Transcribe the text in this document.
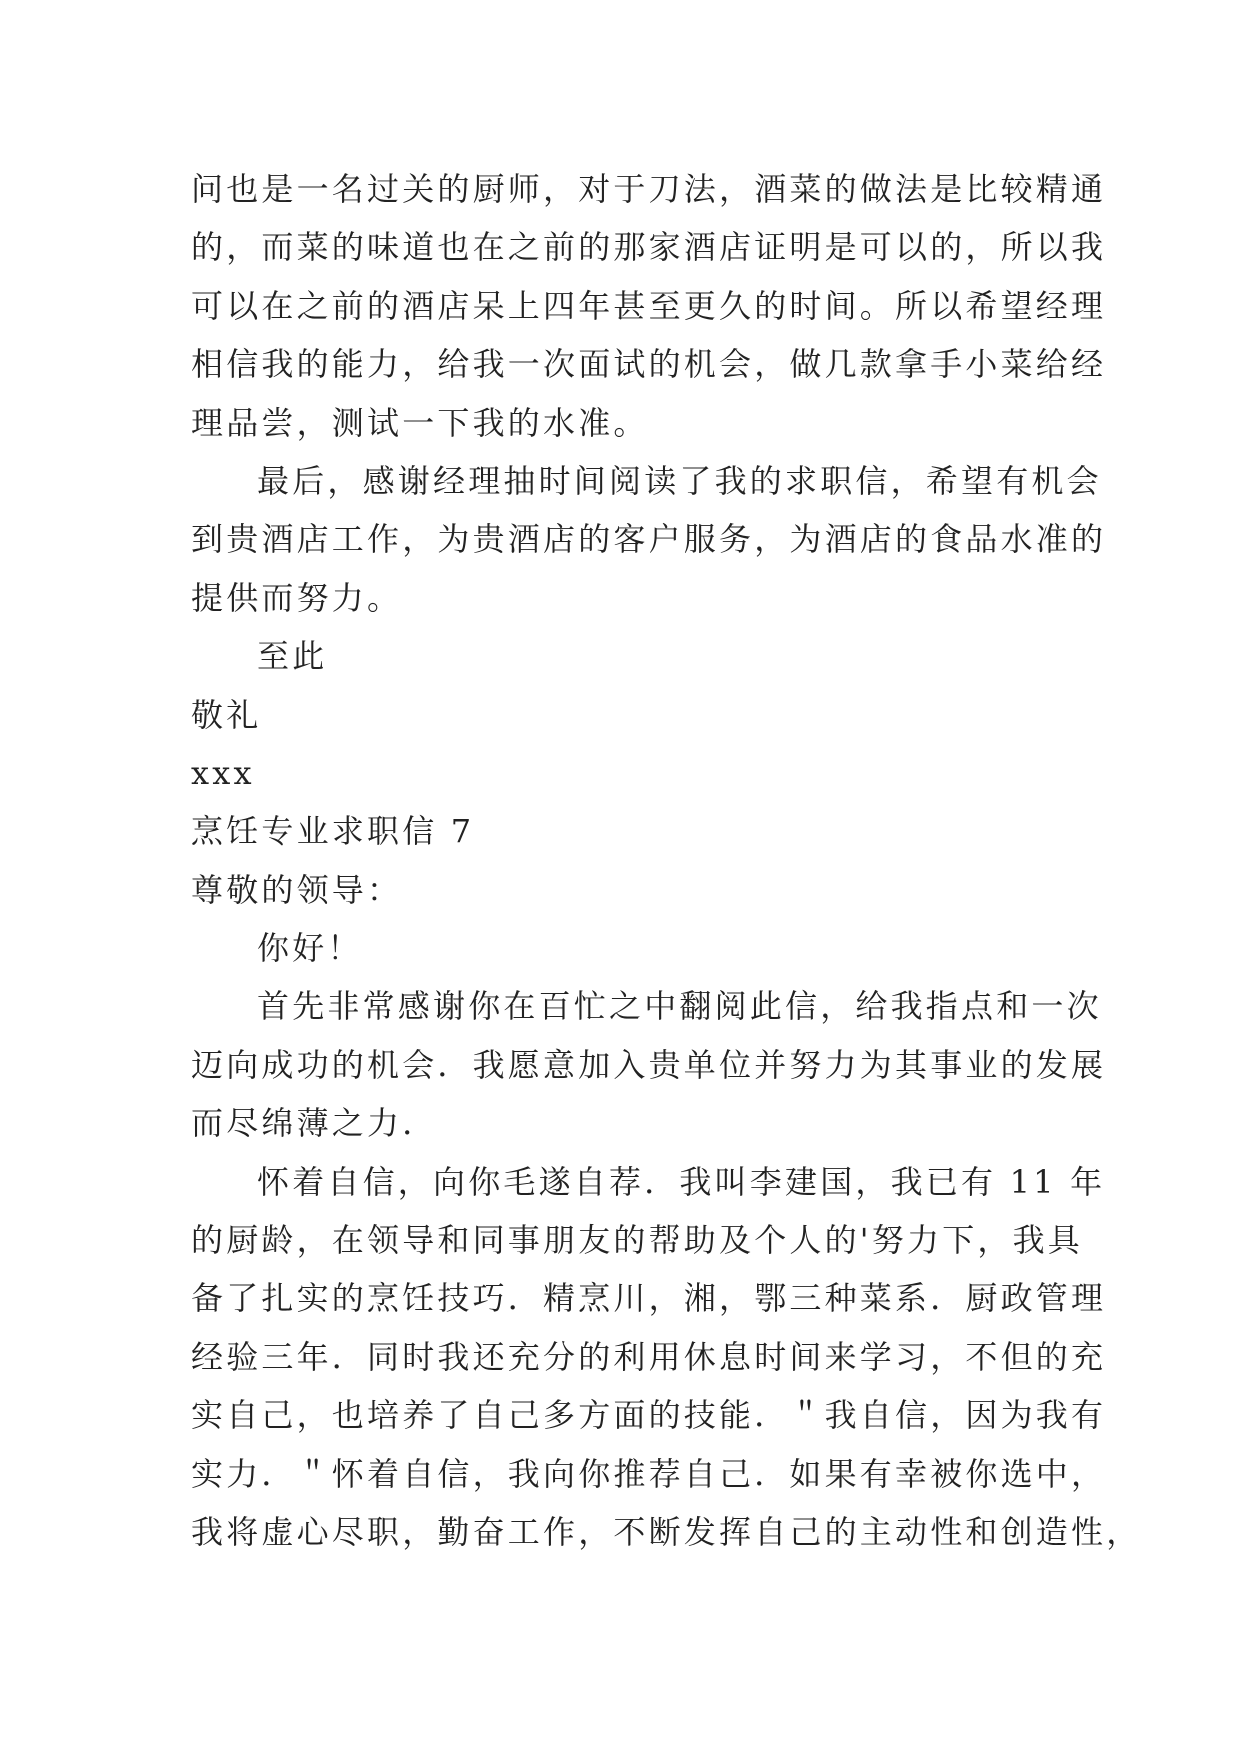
问也是一名过关的厨师，对于刀法，酒菜的做法是比较精通
的，而菜的味道也在之前的那家酒店证明是可以的，所以我
可以在之前的酒店呆上四年甚至更久的时间。所以希望经理
相信我的能力，给我一次面试的机会，做几款拿手小菜给经
理品尝，测试一下我的水准。
最后，感谢经理抽时间阅读了我的求职信，希望有机会
到贵酒店工作，为贵酒店的客户服务，为酒店的食品水准的
提供而努力。
至此
敬礼
xxx
烹饪专业求职信 7
尊敬的领导：
你好！
首先非常感谢你在百忙之中翻阅此信，给我指点和一次
迈向成功的机会．我愿意加入贵单位并努力为其事业的发展
而尽绵薄之力．
怀着自信，向你毛遂自荐．我叫李建国，我已有 11 年
的厨龄，在领导和同事朋友的帮助及个人的'努力下，我具
备了扎实的烹饪技巧．精烹川，湘，鄂三种菜系．厨政管理
经验三年．同时我还充分的利用休息时间来学习，不但的充
实自己，也培养了自己多方面的技能．＂我自信，因为我有
实力．＂怀着自信，我向你推荐自己．如果有幸被你选中，
我将虚心尽职，勤奋工作，不断发挥自己的主动性和创造性，
